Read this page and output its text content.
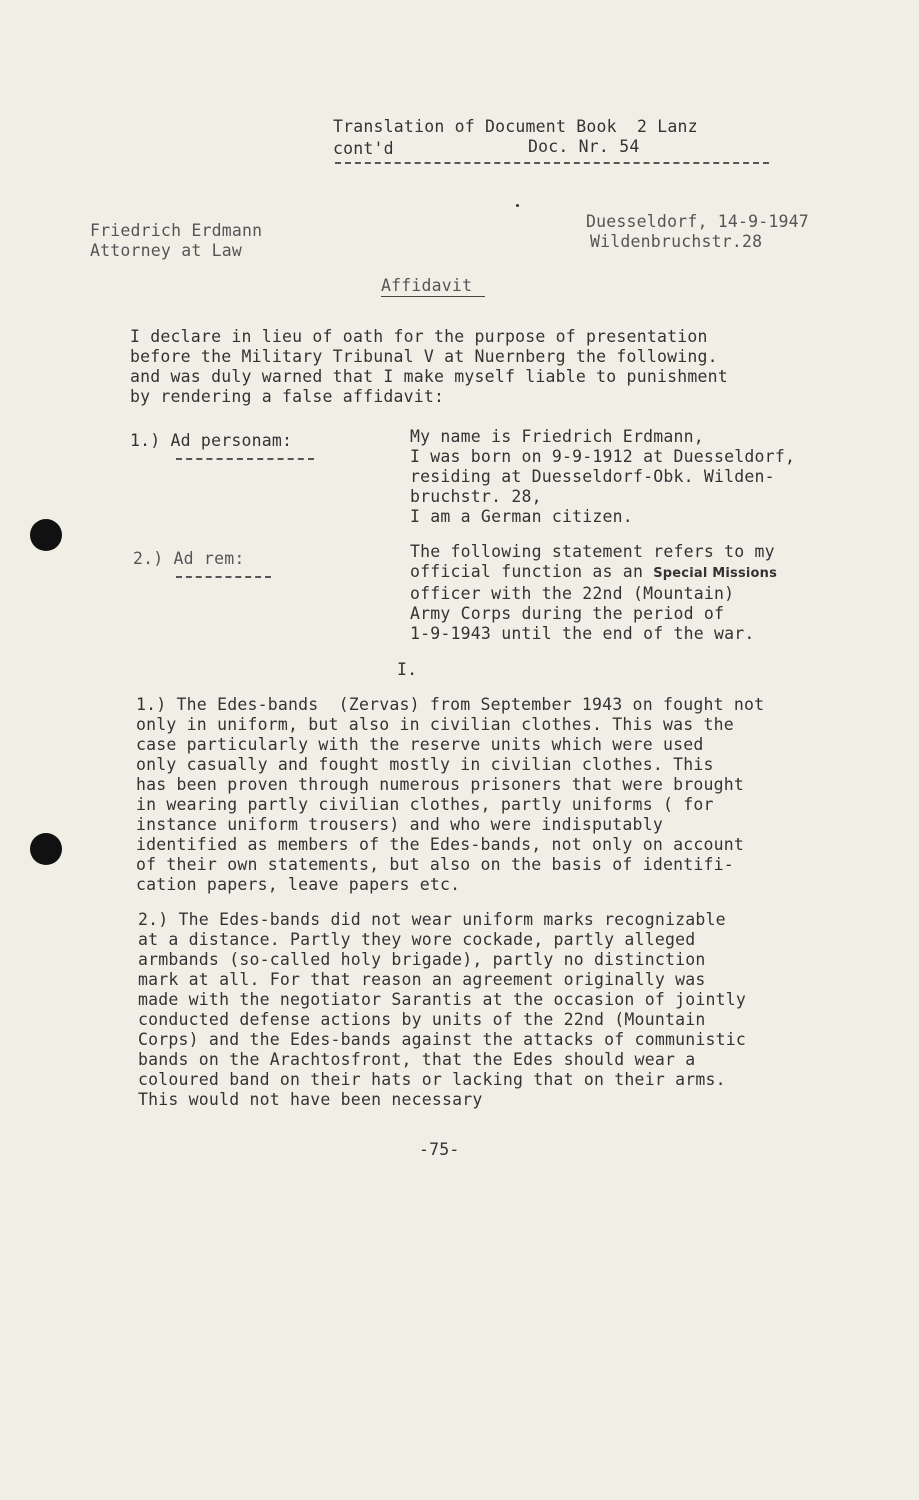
Translation of Document Book  2 Lanz
cont'd	Doc. Nr. 54
Friedrich Erdmann
Attorney at Law
Duesseldorf, 14-9-1947
Wildenbruchstr.28
Affidavit
I declare in lieu of oath for the purpose of presentation
before the Military Tribunal V at Nuernberg the following.
and was duly warned that I make myself liable to punishment
by rendering a false affidavit:
1.) Ad personam:	My name is Friedrich Erdmann,
I was born on 9-9-1912 at Duesseldorf,
residing at Duesseldorf-Obk. Wilden-
bruchstr. 28,
I am a German citizen.
2.) Ad rem:	The following statement refers to my
official function as an Special Missions
officer with the 22nd (Mountain)
Army Corps during the period of
1-9-1943 until the end of the war.
I.
1.) The Edes-bands  (Zervas) from September 1943 on fought not
only in uniform, but also in civilian clothes. This was the
case particularly with the reserve units which were used
only casually and fought mostly in civilian clothes. This
has been proven through numerous prisoners that were brought
in wearing partly civilian clothes, partly uniforms ( for
instance uniform trousers) and who were indisputably
identified as members of the Edes-bands, not only on account
of their own statements, but also on the basis of identifi-
cation papers, leave papers etc.
2.) The Edes-bands did not wear uniform marks recognizable
at a distance. Partly they wore cockade, partly alleged
armbands (so-called holy brigade), partly no distinction
mark at all. For that reason an agreement originally was
made with the negotiator Sarantis at the occasion of jointly
conducted defense actions by units of the 22nd (Mountain
Corps) and the Edes-bands against the attacks of communistic
bands on the Arachtosfront, that the Edes should wear a
coloured band on their hats or lacking that on their arms.
This would not have been necessary
-75-
